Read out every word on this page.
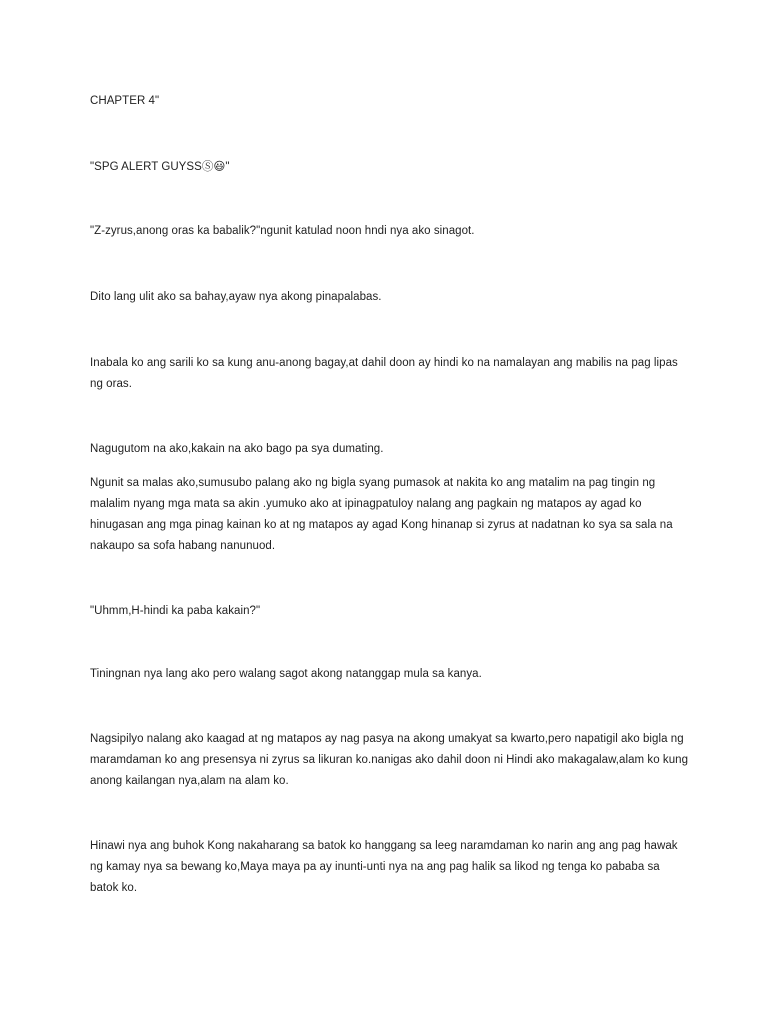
CHAPTER 4"

"SPG ALERT GUYSSⓈ😃"

"Z-zyrus,anong oras ka babalik?"ngunit katulad noon hndi nya ako sinagot.

Dito lang ulit ako sa bahay,ayaw nya akong pinapalabas.

Inabala ko ang sarili ko sa kung anu-anong bagay,at dahil doon ay hindi ko na namalayan ang mabilis na pag lipas ng oras.

Nagugutom na ako,kakain na ako bago pa sya dumating.

Ngunit sa malas ako,sumusubo palang ako ng bigla syang pumasok at nakita ko ang matalim na pag tingin ng malalim nyang mga mata sa akin .yumuko ako at ipinagpatuloy nalang ang pagkain ng matapos ay agad ko hinugasan ang mga pinag kainan ko at ng matapos ay agad Kong hinanap si zyrus at nadatnan ko sya sa sala na nakaupo sa sofa habang nanunuod.

"Uhmm,H-hindi ka paba kakain?"

Tiningnan nya lang ako pero walang sagot akong natanggap mula sa kanya.

Nagsipilyo nalang ako kaagad at ng matapos ay nag pasya na akong umakyat sa kwarto,pero napatigil ako bigla ng maramdaman ko ang presensya ni zyrus sa likuran ko.nanigas ako dahil doon ni Hindi ako makagalaw,alam ko kung anong kailangan nya,alam na alam ko.

Hinawi nya ang buhok Kong nakaharang sa batok ko hanggang sa leeg naramdaman ko narin ang ang pag hawak ng kamay nya sa bewang ko,Maya maya pa ay inunti-unti nya na ang pag halik sa likod ng tenga ko pababa sa batok ko.
